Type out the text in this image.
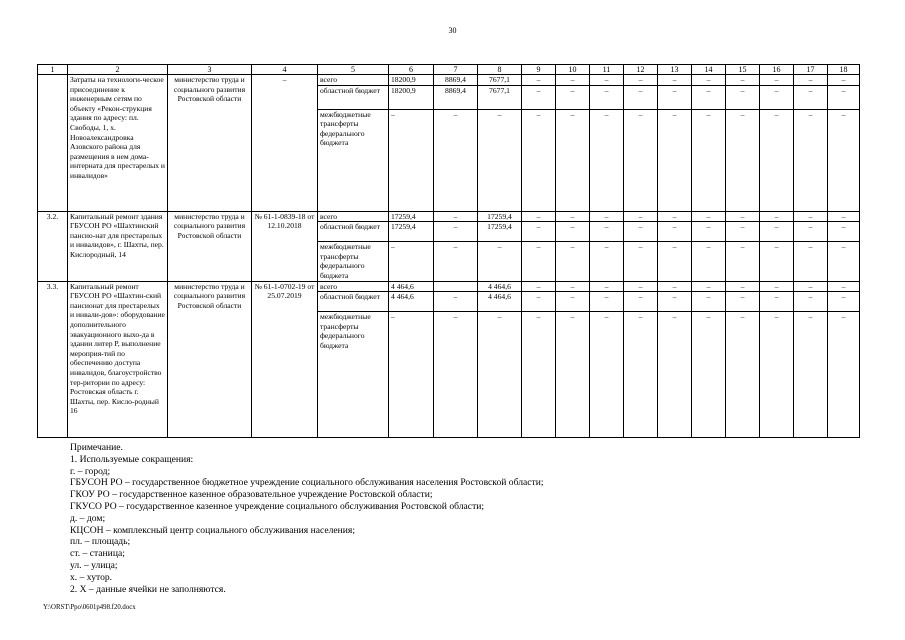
30
1	2	3	4	5	6	7	8	9	10	11	12	13	14	15	16	17	18
	Затраты на технологи-ческое присоединение к инженерным сетям по объекту «Рекон-струкция здания по адресу: пл. Свободы, 1, х. Новоалександровка Азовского района для размещения в нем дома-интерната для престарелых и инвалидов»	министерство труда и социального развития Ростовской области	–	всего	18200,9	8869,4	7677,1	–	–	–	–	–	–	–	–	–	–
				областной бюджет	18200,9	8869,4	7677,1	–	–	–	–	–	–	–	–	–	–
				межбюджетные трансферты федерального бюджета	–	–	–	–	–	–	–	–	–	–	–	–	–
3.2.	Капитальный ремонт здания ГБУСОН РО «Шахтинский пансио-нат для престарелых и инвалидов», г. Шахты, пер. Кислородный, 14	министерство труда и социального развития Ростовской области	№ 61-1-0839-18 от 12.10.2018	всего	17259,4	–	17259,4	–	–	–	–	–	–	–	–	–	–
				областной бюджет	17259,4	–	17259,4	–	–	–	–	–	–	–	–	–	–
				межбюджетные трансферты федерального бюджета	–	–	–	–	–	–	–	–	–	–	–	–	–
3.3.	Капитальный ремонт ГБУСОН РО «Шахтин-ский пансионат для престарелых и инвали-дов»: оборудование дополнительного эвакуационного выхо-да в здании литер Р, выполнение мероприя-тий по обеспечению доступа инвалидов, благоустройство тер-ритории по адресу: Ростовская область г. Шахты, пер. Кисло-родный 16	министерство труда и социального развития Ростовской области	№ 61-1-0702-19 от 25.07.2019	всего	4 464,6		4 464,6	–	–	–	–	–	–	–	–	–	–
				областной бюджет	4 464,6	–	4 464,6	–	–	–	–	–	–	–	–	–	–
				межбюджетные трансферты федерального бюджета	–	–	–	–	–	–	–	–	–	–	–	–	–
Примечание.
1. Используемые сокращения:
г. – город;
ГБУСОН РО – государственное бюджетное учреждение социального обслуживания населения Ростовской области;
ГКОУ РО – государственное казенное образовательное учреждение Ростовской области;
ГКУСО РО – государственное казенное учреждение социального обслуживания Ростовской области;
д. – дом;
КЦСОН – комплексный центр социального обслуживания населения;
пл. – площадь;
ст. – станица;
ул. – улица;
х. – хутор.
2. Х – данные ячейки не заполняются.
Y:\ORST\Ppo\0601p498.f20.docx
